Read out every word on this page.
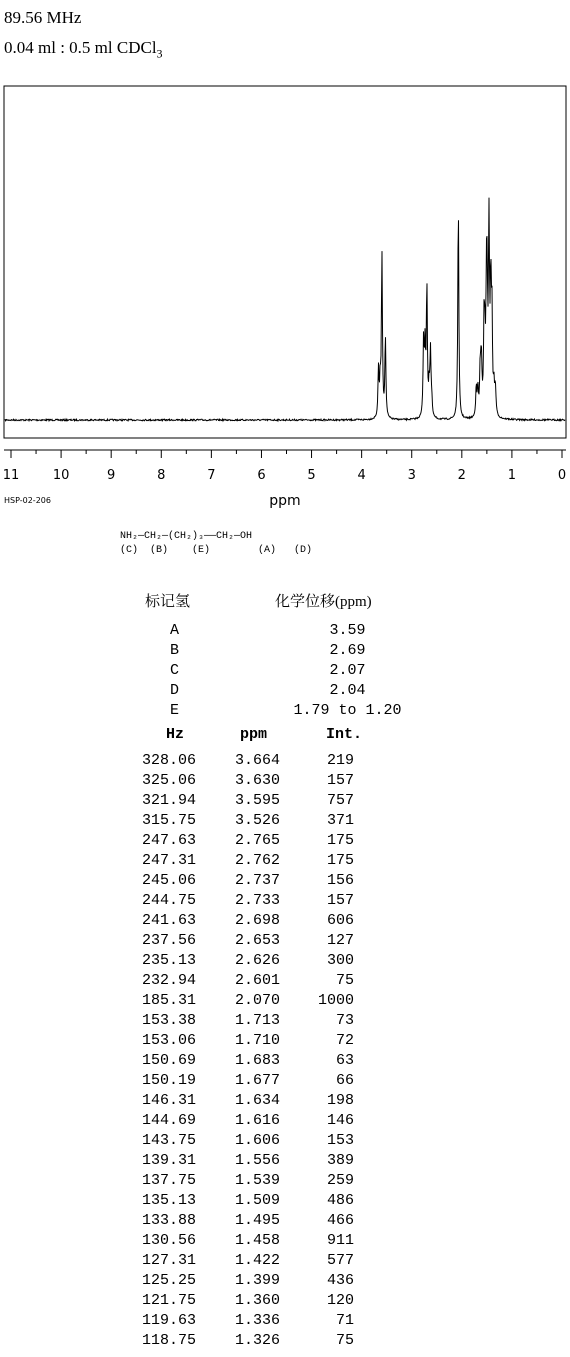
89.56 MHz
0.04 ml : 0.5 ml CDCl$_3$
11	10	9	8	7	6	5	4	3	2	1	0
ppm
HSP-02-206
NH₂—CH₂—(CH₂)₃——CH₂—OH
(C)  (B)    (E)        (A)   (D)
标记氢	化学位移(ppm)
A	3.59
B	2.69
C	2.07
D	2.04
E	1.79 to 1.20
Hz	ppm	Int.
328.06	3.664	219
325.06	3.630	157
321.94	3.595	757
315.75	3.526	371
247.63	2.765	175
247.31	2.762	175
245.06	2.737	156
244.75	2.733	157
241.63	2.698	606
237.56	2.653	127
235.13	2.626	300
232.94	2.601	75
185.31	2.070	1000
153.38	1.713	73
153.06	1.710	72
150.69	1.683	63
150.19	1.677	66
146.31	1.634	198
144.69	1.616	146
143.75	1.606	153
139.31	1.556	389
137.75	1.539	259
135.13	1.509	486
133.88	1.495	466
130.56	1.458	911
127.31	1.422	577
125.25	1.399	436
121.75	1.360	120
119.63	1.336	71
118.75	1.326	75
